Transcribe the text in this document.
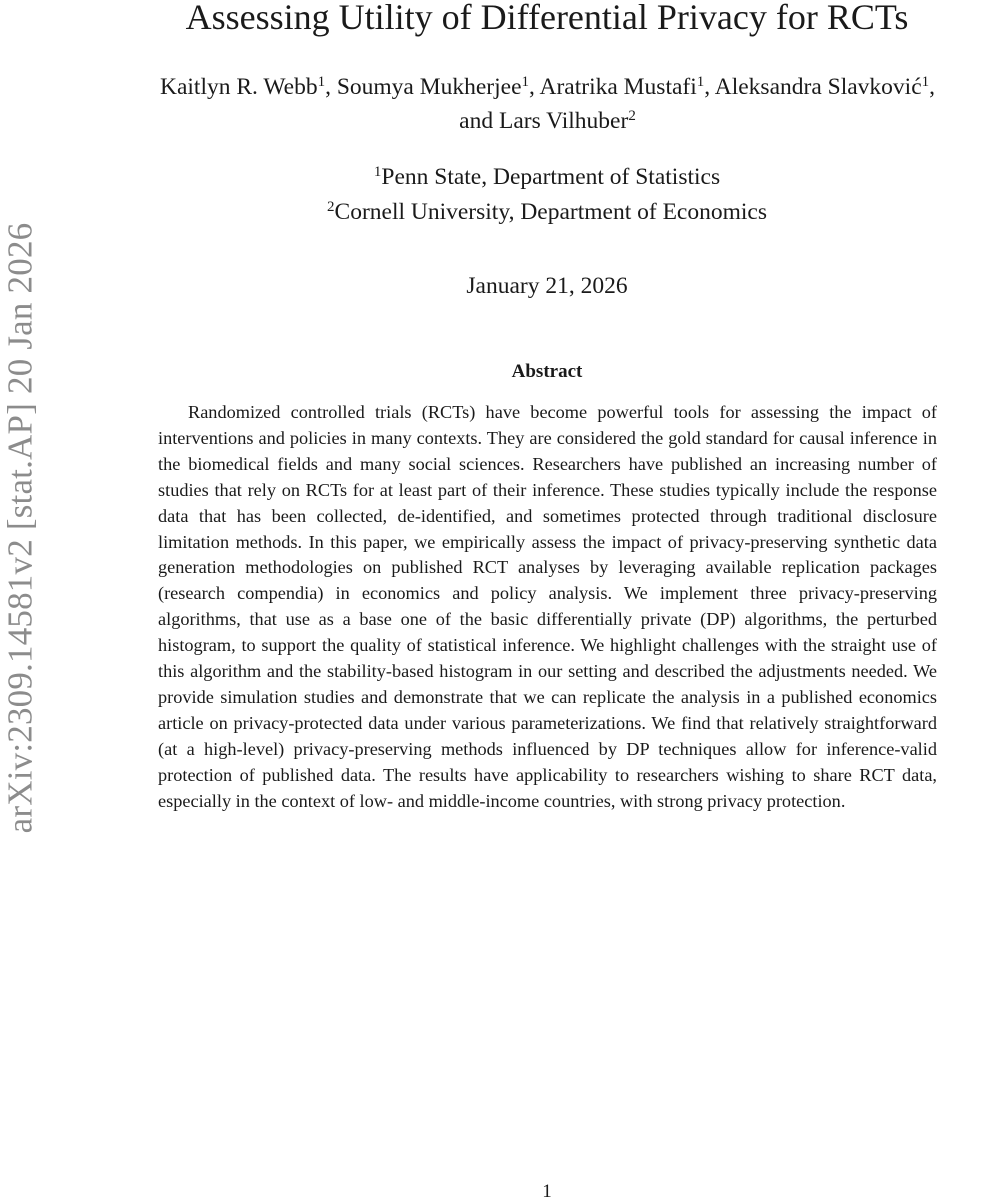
arXiv:2309.14581v2 [stat.AP] 20 Jan 2026
Assessing Utility of Differential Privacy for RCTs
Kaitlyn R. Webb$^1$, Soumya Mukherjee$^1$, Aratrika Mustafi$^1$, Aleksandra Slavković$^1$,
and Lars Vilhuber$^2$
$^1$Penn State, Department of Statistics
$^2$Cornell University, Department of Economics
January 21, 2026
Abstract

Randomized controlled trials (RCTs) have become powerful tools for assessing the impact of interventions and policies in many contexts. They are considered the gold standard for causal inference in the biomedical fields and many social sciences. Researchers have published an increasing number of studies that rely on RCTs for at least part of their inference. These studies typically include the response data that has been collected, de-identified, and sometimes protected through traditional disclosure limitation methods. In this paper, we empirically assess the impact of privacy-preserving synthetic data generation methodologies on published RCT analyses by leveraging available replication packages (research compendia) in economics and policy analysis. We implement three privacy-preserving algorithms, that use as a base one of the basic differentially private (DP) algorithms, the perturbed histogram, to support the quality of statistical inference. We highlight challenges with the straight use of this algorithm and the stability-based histogram in our setting and described the adjustments needed. We provide simulation studies and demonstrate that we can replicate the analysis in a published economics article on privacy-protected data under various parameterizations. We find that relatively straightforward (at a high-level) privacy-preserving methods influenced by DP techniques allow for inference-valid protection of published data. The results have applicability to researchers wishing to share RCT data, especially in the context of low- and middle-income countries, with strong privacy protection.

1
